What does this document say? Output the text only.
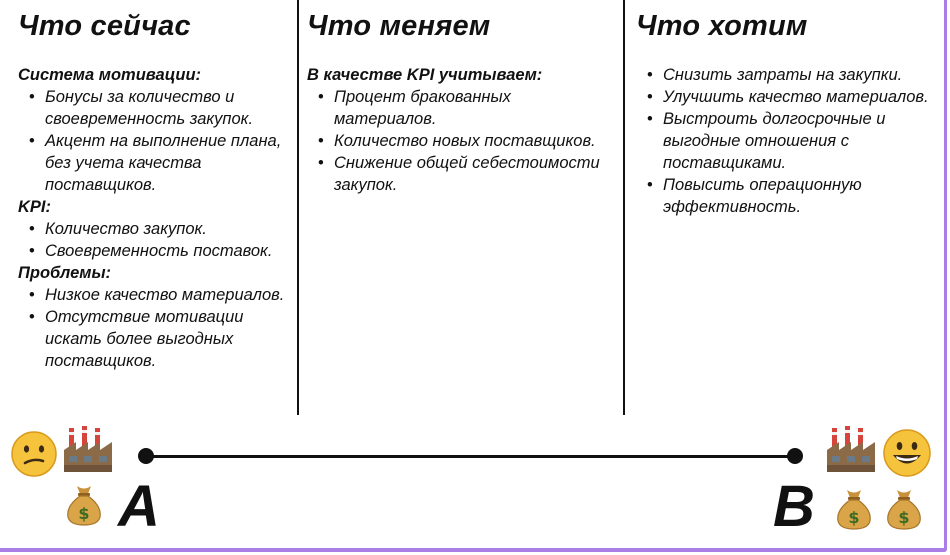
Что сейчас
Система мотивации:
• Бонусы за количество и своевременность закупок.
• Акцент на выполнение плана, без учета качества поставщиков.
KPI:
• Количество закупок.
• Своевременность поставок.
Проблемы:
• Низкое качество материалов.
• Отсутствие мотивации искать более выгодных поставщиков.
Что меняем
В качестве KPI учитываем:
• Процент бракованных материалов.
• Количество новых поставщиков.
• Снижение общей себестоимости закупок.
Что хотим
• Снизить затраты на закупки.
• Улучшить качество материалов.
• Выстроить долгосрочные и выгодные отношения с поставщиками.
• Повысить операционную эффективность.
A	B
$	$ $
